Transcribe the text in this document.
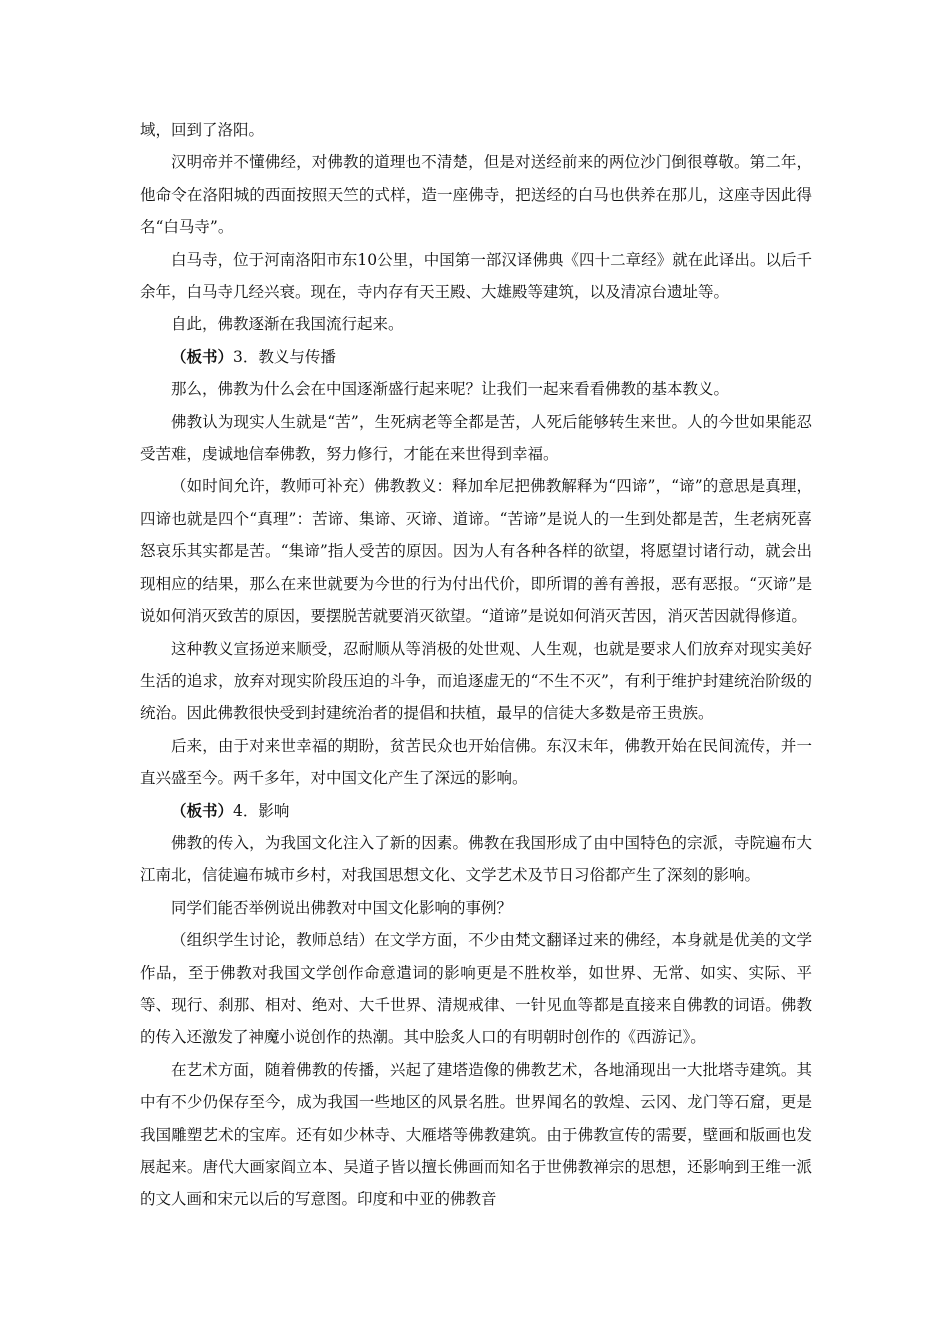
域，回到了洛阳。

汉明帝并不懂佛经，对佛教的道理也不清楚，但是对送经前来的两位沙门倒很尊敬。第二年，他命令在洛阳城的西面按照天竺的式样，造一座佛寺，把送经的白马也供养在那儿，这座寺因此得名“白马寺”。

白马寺，位于河南洛阳市东10公里，中国第一部汉译佛典《四十二章经》就在此译出。以后千余年，白马寺几经兴衰。现在，寺内存有天王殿、大雄殿等建筑，以及清凉台遗址等。

自此，佛教逐渐在我国流行起来。

（板书）3．教义与传播

那么，佛教为什么会在中国逐渐盛行起来呢？让我们一起来看看佛教的基本教义。

佛教认为现实人生就是“苦”，生死病老等全都是苦，人死后能够转生来世。人的今世如果能忍受苦难，虔诚地信奉佛教，努力修行，才能在来世得到幸福。

（如时间允许，教师可补充）佛教教义：释加牟尼把佛教解释为“四谛”，“谛”的意思是真理，四谛也就是四个“真理”：苦谛、集谛、灭谛、道谛。“苦谛”是说人的一生到处都是苦，生老病死喜怒哀乐其实都是苦。“集谛”指人受苦的原因。因为人有各种各样的欲望，将愿望讨诸行动，就会出现相应的结果，那么在来世就要为今世的行为付出代价，即所谓的善有善报，恶有恶报。“灭谛”是说如何消灭致苦的原因，要摆脱苦就要消灭欲望。“道谛”是说如何消灭苦因，消灭苦因就得修道。

这种教义宣扬逆来顺受，忍耐顺从等消极的处世观、人生观，也就是要求人们放弃对现实美好生活的追求，放弃对现实阶段压迫的斗争，而追逐虚无的“不生不灭”，有利于维护封建统治阶级的统治。因此佛教很快受到封建统治者的提倡和扶植，最早的信徒大多数是帝王贵族。

后来，由于对来世幸福的期盼，贫苦民众也开始信佛。东汉末年，佛教开始在民间流传，并一直兴盛至今。两千多年，对中国文化产生了深远的影响。

（板书）4．影响

佛教的传入，为我国文化注入了新的因素。佛教在我国形成了由中国特色的宗派，寺院遍布大江南北，信徒遍布城市乡村，对我国思想文化、文学艺术及节日习俗都产生了深刻的影响。

同学们能否举例说出佛教对中国文化影响的事例？

（组织学生讨论，教师总结）在文学方面，不少由梵文翻译过来的佛经，本身就是优美的文学作品，至于佛教对我国文学创作命意遣词的影响更是不胜枚举，如世界、无常、如实、实际、平等、现行、刹那、相对、绝对、大千世界、清规戒律、一针见血等都是直接来自佛教的词语。佛教的传入还激发了神魔小说创作的热潮。其中脍炙人口的有明朝时创作的《西游记》。

在艺术方面，随着佛教的传播，兴起了建塔造像的佛教艺术，各地涌现出一大批塔寺建筑。其中有不少仍保存至今，成为我国一些地区的风景名胜。世界闻名的敦煌、云冈、龙门等石窟，更是我国雕塑艺术的宝库。还有如少林寺、大雁塔等佛教建筑。由于佛教宣传的需要，壁画和版画也发展起来。唐代大画家阎立本、吴道子皆以擅长佛画而知名于世佛教禅宗的思想，还影响到王维一派的文人画和宋元以后的写意图。印度和中亚的佛教音
